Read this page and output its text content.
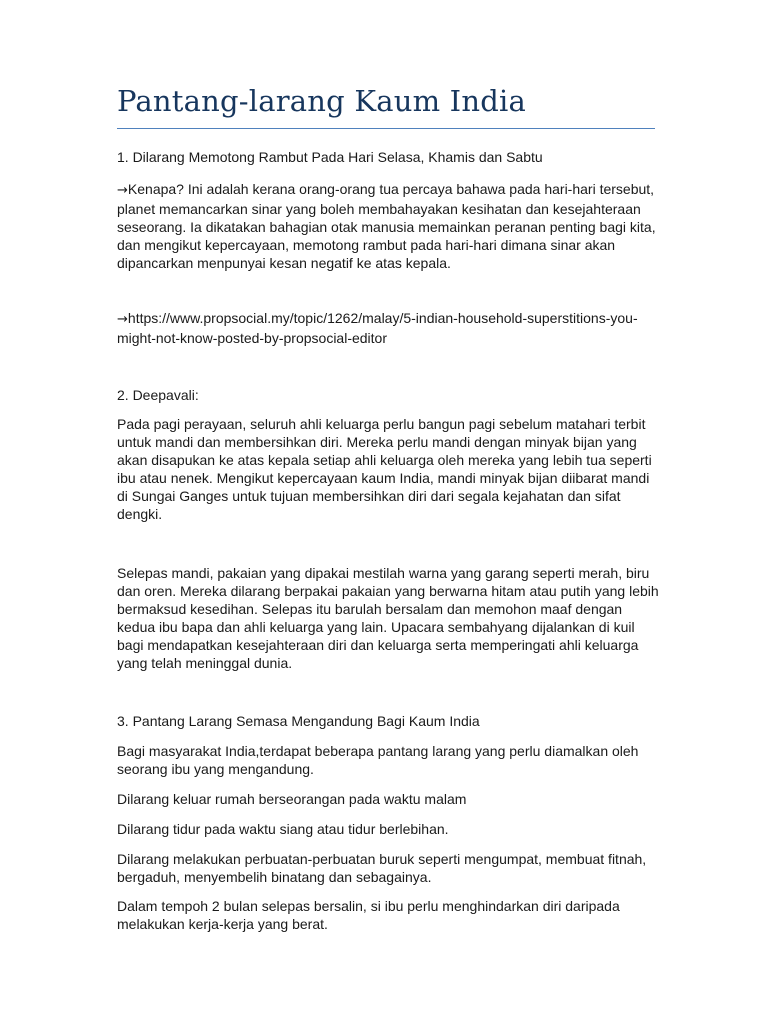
Pantang-larang Kaum India

1. Dilarang Memotong Rambut Pada Hari Selasa, Khamis dan Sabtu

→Kenapa? Ini adalah kerana orang-orang tua percaya bahawa pada hari-hari tersebut, planet memancarkan sinar yang boleh membahayakan kesihatan dan kesejahteraan seseorang. Ia dikatakan bahagian otak manusia memainkan peranan penting bagi kita, dan mengikut kepercayaan, memotong rambut pada hari-hari dimana sinar akan dipancarkan menpunyai kesan negatif ke atas kepala.

→https://www.propsocial.my/topic/1262/malay/5-indian-household-superstitions-you-might-not-know-posted-by-propsocial-editor

2. Deepavali:

Pada pagi perayaan, seluruh ahli keluarga perlu bangun pagi sebelum matahari terbit untuk mandi dan membersihkan diri. Mereka perlu mandi dengan minyak bijan yang akan disapukan ke atas kepala setiap ahli keluarga oleh mereka yang lebih tua seperti ibu atau nenek. Mengikut kepercayaan kaum India, mandi minyak bijan diibarat mandi di Sungai Ganges untuk tujuan membersihkan diri dari segala kejahatan dan sifat dengki.

Selepas mandi, pakaian yang dipakai mestilah warna yang garang seperti merah, biru dan oren. Mereka dilarang berpakai pakaian yang berwarna hitam atau putih yang lebih bermaksud kesedihan. Selepas itu barulah bersalam dan memohon maaf dengan kedua ibu bapa dan ahli keluarga yang lain. Upacara sembahyang dijalankan di kuil bagi mendapatkan kesejahteraan diri dan keluarga serta memperingati ahli keluarga yang telah meninggal dunia.

3. Pantang Larang Semasa Mengandung Bagi Kaum India

Bagi masyarakat India,terdapat beberapa pantang larang yang perlu diamalkan oleh seorang ibu yang mengandung.

Dilarang keluar rumah berseorangan pada waktu malam

Dilarang tidur pada waktu siang atau tidur berlebihan.

Dilarang melakukan perbuatan-perbuatan buruk seperti mengumpat, membuat fitnah, bergaduh, menyembelih binatang dan sebagainya.

Dalam tempoh 2 bulan selepas bersalin, si ibu perlu menghindarkan diri daripada melakukan kerja-kerja yang berat.
